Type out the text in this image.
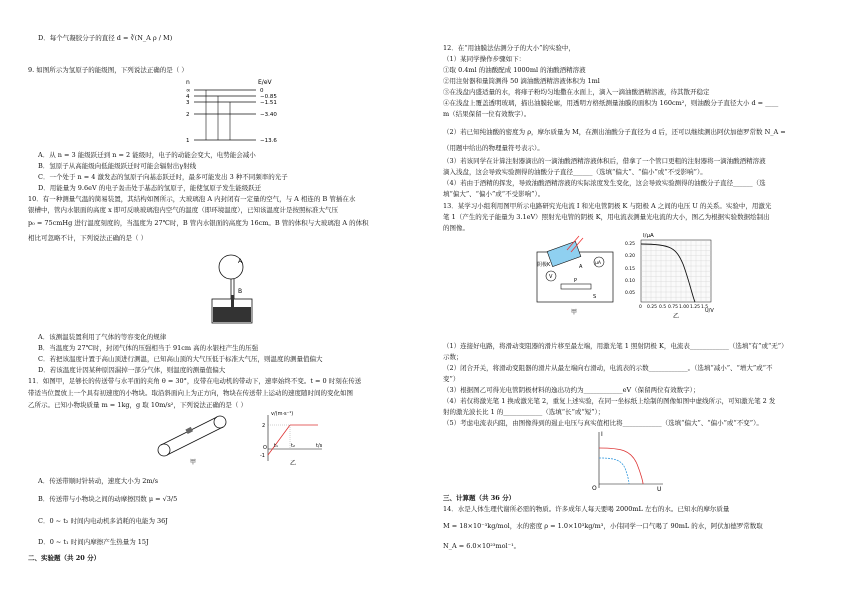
D．每个气凝胶分子的直径 d = ∛(N_A ρ / M)
9. 如图所示为氢原子的能级图，下列说法正确的是（ ）
n	E/eV
∞	0
4	−0.85
3	−1.51
2	−3.40
1	−13.6
A．从 n = 3 能级跃迁到 n = 2 能级时，电子的动能会变大，电势能会减小
B．氢原子从高能级向低能级跃迁时可能会辐射出γ射线
C．一个处于 n = 4 激发态的氢原子向基态跃迁时，最多可能发出 3 种不同频率的光子
D．用能量为 9.6eV 的电子轰击处于基态的氢原子，能使氢原子发生能级跃迁
10．有一种测量气温的简易装置，其结构如图所示，大玻璃泡 A 内封闭有一定量的空气，与 A 相连的 B 管插在水
银槽中，管内水银面的高度 x 即可反映玻璃泡内空气的温度（即环境温度），已知该温度计是按照标准大气压
p₀ = 75cmHg 进行温度刻度的，当温度为 27℃时，B 管内水银面的高度为 16cm。B 管的体积与大玻璃泡 A 的体积
相比可忽略不计，下列说法正确的是（ ）
A
B
A．该测温装置利用了气体的等容变化的规律
B．当温度为 27℃时，封闭气体的压强相当于 91cm 高的水银柱产生的压强
C．若把该温度计置于高山顶进行测温，已知高山顶的大气压低于标准大气压，则温度的测量值偏大
D．若该温度计因某种原因漏掉一部分气体，则温度的测量值偏大
11．如图甲，足够长的传送带与水平面的夹角 θ = 30°，皮带在电动机的带动下，速率始终不变。t = 0 时刻在传送
带适当位置放上一个具有初速度的小物块。取沿斜面向上为正方向，物块在传送带上运动的速度随时间的变化如图
乙所示。已知小物块质量 m = 1kg，g 取 10m/s²，下列说法正确的是（ ）
甲
v/(m·s⁻¹)
2
-1
t₁	t₂	t/s
O
乙
A．传送带顺时针转动，速度大小为 2m/s
B．传送带与小物块之间的动摩擦因数 μ = √3/5
C．0 ~ t₂ 时间内电动机多消耗的电能为 36J
D．0 ~ t₁ 时间内摩擦产生热量为 15J
二、实验题（共 20 分）
12．在“用油膜法估测分子的大小”的实验中，
（1）某同学操作步骤如下：
①取 0.4ml 的油酸配成 1000ml 的油酸酒精溶液
②用注射器和量筒测得 50 滴油酸酒精溶液体积为 1ml
③在浅盘内盛适量的水，将痱子粉均匀地撒在水面上，滴入一滴油酸酒精溶液，待其散开稳定
④在浅盘上覆盖透明玻璃，描出油膜轮廓，用透明方格纸测量油膜的面积为 160cm²，则油酸分子直径大小 d = ____
m（结果保留一位有效数字）。
（2）若已知纯油酸的密度为 ρ，摩尔质量为 M，在测出油酸分子直径为 d 后，还可以继续测出阿伏加德罗常数 N_A =
（用题中给出的物理量符号表示）。
（3）若该同学在计算注射器滴出的一滴油酸酒精溶液体积后，借拿了一个管口更粗的注射器将一滴油酸酒精溶液
滴入浅盘，这会导致实验测得的油酸分子直径______（选填“偏大”、“偏小”或“不受影响”）。
（4）若由于酒精的挥发，导致油酸酒精溶液的实际浓度发生变化，这会导致实验测得的油酸分子直径______（选
填“偏大”、“偏小”或“不受影响”）。
13．某学习小组利用图甲所示电路研究光电流 I 和光电管阴极 K 与阳极 A 之间的电压 U 的关系。实验中，用激光
笔 1（产生的光子能量为 3.1eV）照射光电管的阴极 K，用电流表测量光电流的大小，图乙为根据实验数据绘制出
的图像。
阴极K	A
μA
V
P
S
甲
I/μA
U/V
0.25
0.20
0.15
0.10
0.05
0 0.25 0.5 0.75 1.00 1.25 1.5
乙
（1）连接好电路，将滑动变阻器的滑片移至最左端，用激光笔 1 照射阴极 K，电流表____________（选填“有”或“无”）
示数；
（2）闭合开关，将滑动变阻器的滑片从最左端向右滑动，电流表的示数____________。（选填“减小”、“增大”或“不
变”）
（3）根据图乙可得光电管阴极材料的逸出功约为____________eV（保留两位有效数字）；
（4）若仅将激光笔 1 换成激光笔 2，重复上述实验，在同一坐标纸上绘制的图像如图中虚线所示，可知激光笔 2 发
射的激光波长比 1 的____________（选填“长”或“短”）；
（5）考虑电流表内阻，由图像得到的遏止电压与真实值相比将____________（选填“偏大”、“偏小”或“不变”）。
I
U
O
三、计算题（共 36 分）
14．水是人体生理代谢所必需的物质。许多成年人每天要喝 2000mL 左右的水。已知水的摩尔质量
M = 18×10⁻³kg/mol，水的密度 ρ = 1.0×10³kg/m³，小伟同学一口气喝了 90mL 的水，阿伏加德罗常数取
N_A = 6.0×10²³mol⁻¹。
